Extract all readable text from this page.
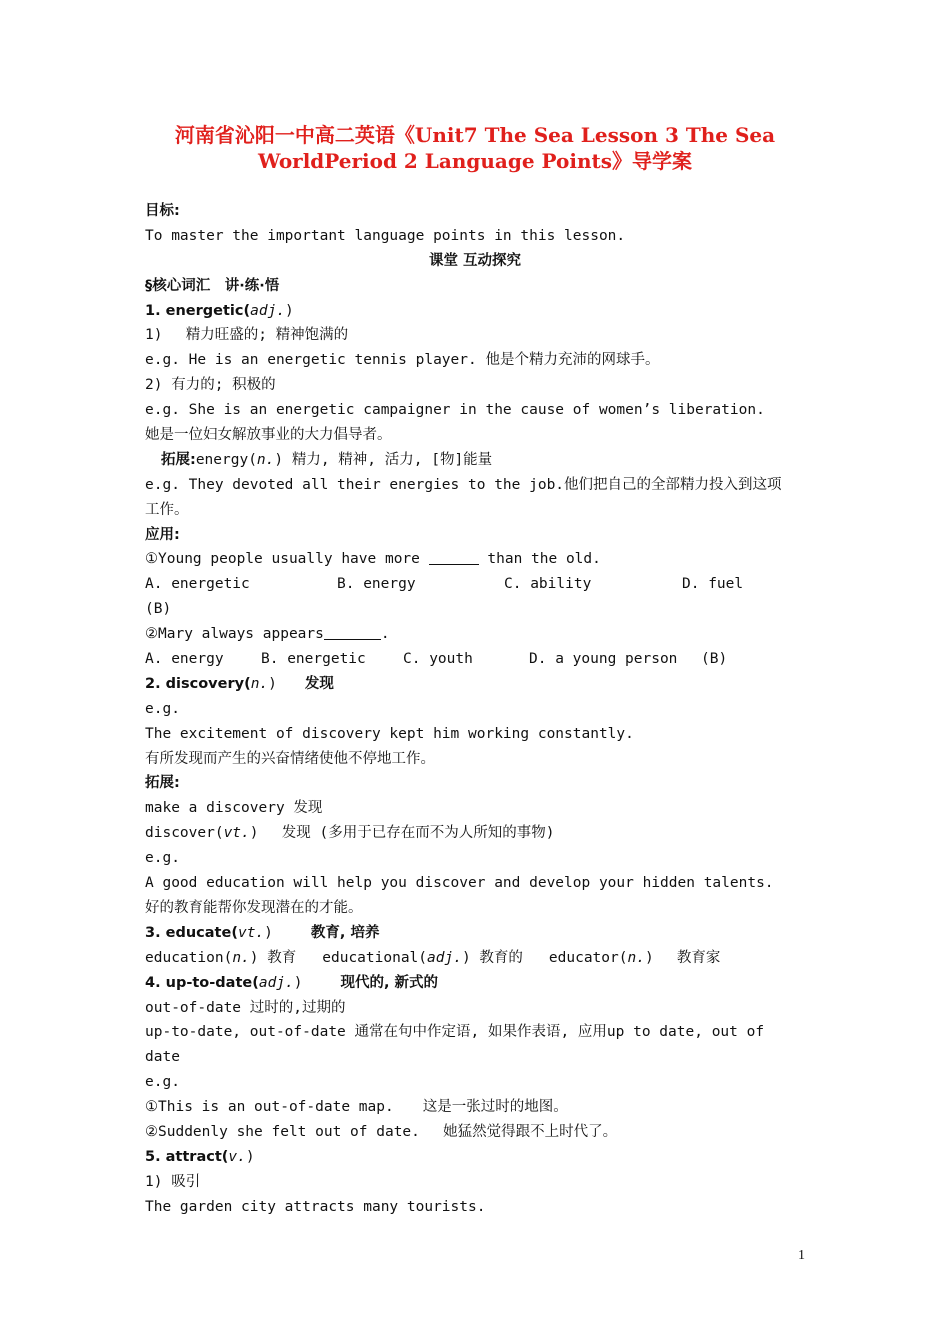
河南省沁阳一中高二英语《Unit7 The Sea Lesson 3 The Sea
WorldPeriod 2 Language Points》导学案
目标:
To master the important language points in this lesson.
课堂 互动探究
§核心词汇　讲·练·悟
1. energetic(adj.)
1)　 精力旺盛的; 精神饱满的
e.g. He is an energetic tennis player. 他是个精力充沛的网球手。
2) 有力的; 积极的
e.g. She is an energetic campaigner in the cause of women’s liberation.
她是一位妇女解放事业的大力倡导者。
拓展:energy(n.) 精力, 精神, 活力, [物]能量
e.g. They devoted all their energies to the job.他们把自己的全部精力投入到这项
工作。
应用:
①Young people usually have more	than the old.
A. energetic	B. energy	C. ability	D. fuel
(B)
②Mary always appears	.
A. energy	B. energetic	C. youth	D. a young person (B)
2. discovery(n.) 发现
e.g.
The excitement of discovery kept him working constantly.
有所发现而产生的兴奋情绪使他不停地工作。
拓展:
make a discovery 发现
discover(vt.)　 发现 (多用于已存在而不为人所知的事物)
e.g.
A good education will help you discover and develop your hidden talents.
好的教育能帮你发现潜在的才能。
3. educate(vt.)	教育, 培养
education(n.) 教育 educational(adj.) 教育的 educator(n.)　 教育家
4. up-to-date(adj.)	现代的, 新式的
out-of-date 过时的,过期的
up-to-date, out-of-date 通常在句中作定语, 如果作表语, 应用up to date, out of
date
e.g.
①This is an out-of-date map.　　这是一张过时的地图。
②Suddenly she felt out of date.　 她猛然觉得跟不上时代了。
5. attract(v.)
1) 吸引
The garden city attracts many tourists.
1
